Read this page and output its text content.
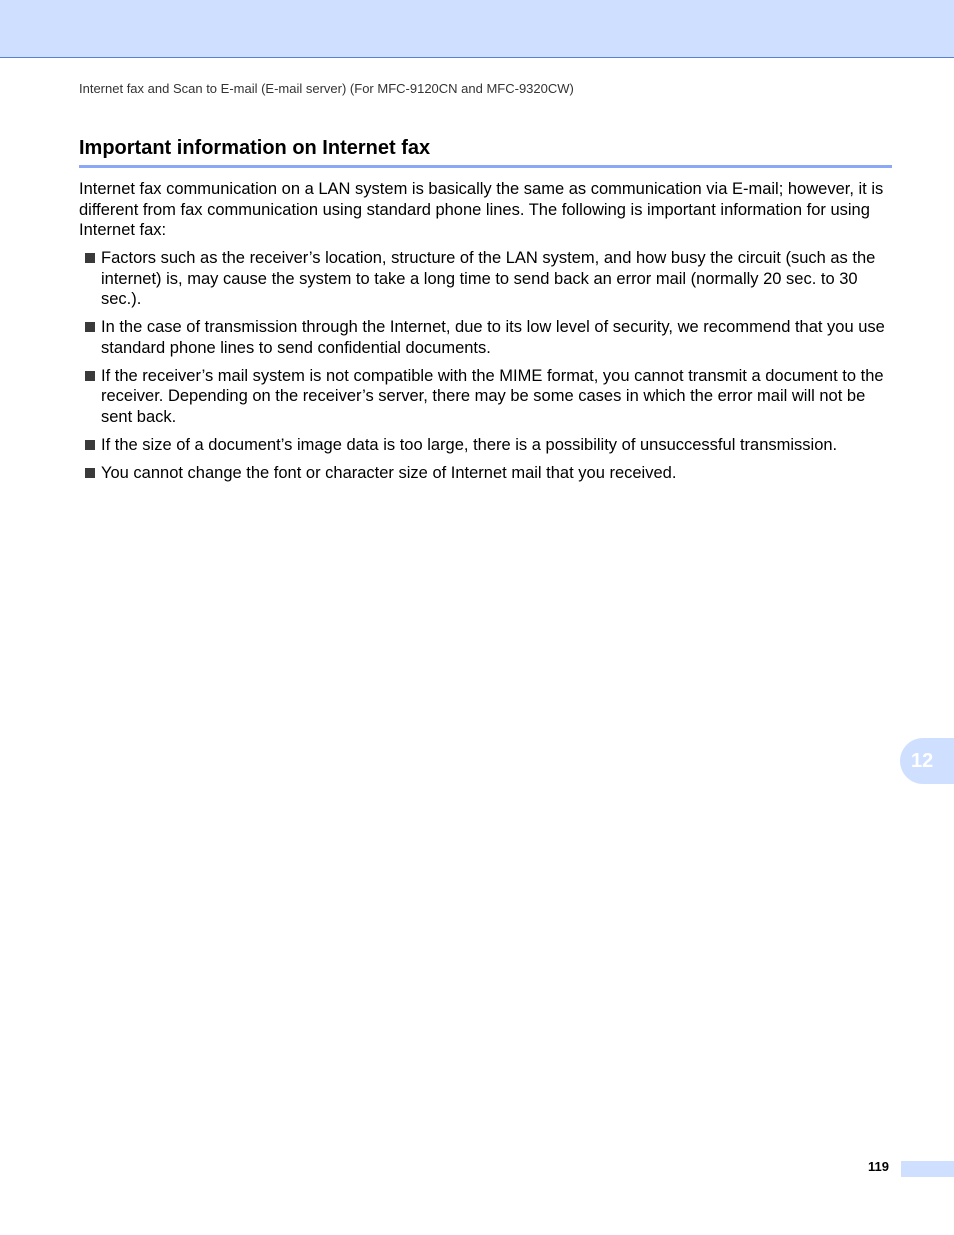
Internet fax and Scan to E-mail (E-mail server) (For MFC-9120CN and MFC-9320CW)
Important information on Internet fax

Internet fax communication on a LAN system is basically the same as communication via E-mail; however, it is different from fax communication using standard phone lines. The following is important information for using Internet fax:

Factors such as the receiver’s location, structure of the LAN system, and how busy the circuit (such as the internet) is, may cause the system to take a long time to send back an error mail (normally 20 sec. to 30 sec.).
In the case of transmission through the Internet, due to its low level of security, we recommend that you use standard phone lines to send confidential documents.
If the receiver’s mail system is not compatible with the MIME format, you cannot transmit a document to the receiver. Depending on the receiver’s server, there may be some cases in which the error mail will not be sent back.
If the size of a document’s image data is too large, there is a possibility of unsuccessful transmission.
You cannot change the font or character size of Internet mail that you received.
12
119
